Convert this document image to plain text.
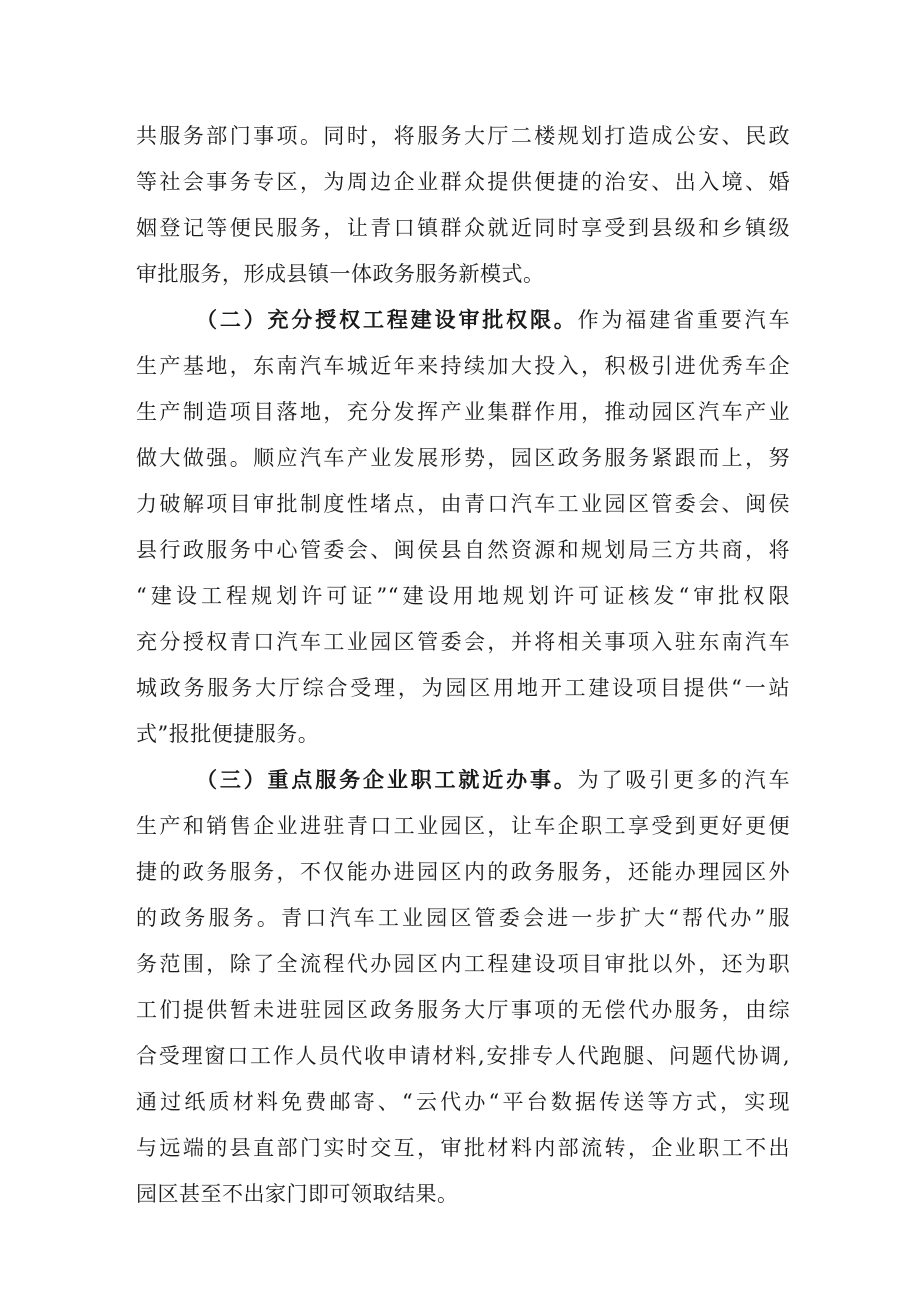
共服务部门事项。同时，将服务大厅二楼规划打造成公安、民政
等社会事务专区，为周边企业群众提供便捷的治安、出入境、婚
姻登记等便民服务，让青口镇群众就近同时享受到县级和乡镇级
审批服务，形成县镇一体政务服务新模式。
（二）充分授权工程建设审批权限。作为福建省重要汽车
生产基地，东南汽车城近年来持续加大投入，积极引进优秀车企
生产制造项目落地，充分发挥产业集群作用，推动园区汽车产业
做大做强。顺应汽车产业发展形势，园区政务服务紧跟而上，努
力破解项目审批制度性堵点，由青口汽车工业园区管委会、闽侯
县行政服务中心管委会、闽侯县自然资源和规划局三方共商，将
“建设工程规划许可证”“建设用地规划许可证核发“审批权限
充分授权青口汽车工业园区管委会，并将相关事项入驻东南汽车
城政务服务大厅综合受理，为园区用地开工建设项目提供“一站
式”报批便捷服务。
（三）重点服务企业职工就近办事。为了吸引更多的汽车
生产和销售企业进驻青口工业园区，让车企职工享受到更好更便
捷的政务服务，不仅能办进园区内的政务服务，还能办理园区外
的政务服务。青口汽车工业园区管委会进一步扩大“帮代办”服
务范围，除了全流程代办园区内工程建设项目审批以外，还为职
工们提供暂未进驻园区政务服务大厅事项的无偿代办服务，由综
合受理窗口工作人员代收申请材料,安排专人代跑腿、问题代协调,
通过纸质材料免费邮寄、“云代办“平台数据传送等方式，实现
与远端的县直部门实时交互，审批材料内部流转，企业职工不出
园区甚至不出家门即可领取结果。
